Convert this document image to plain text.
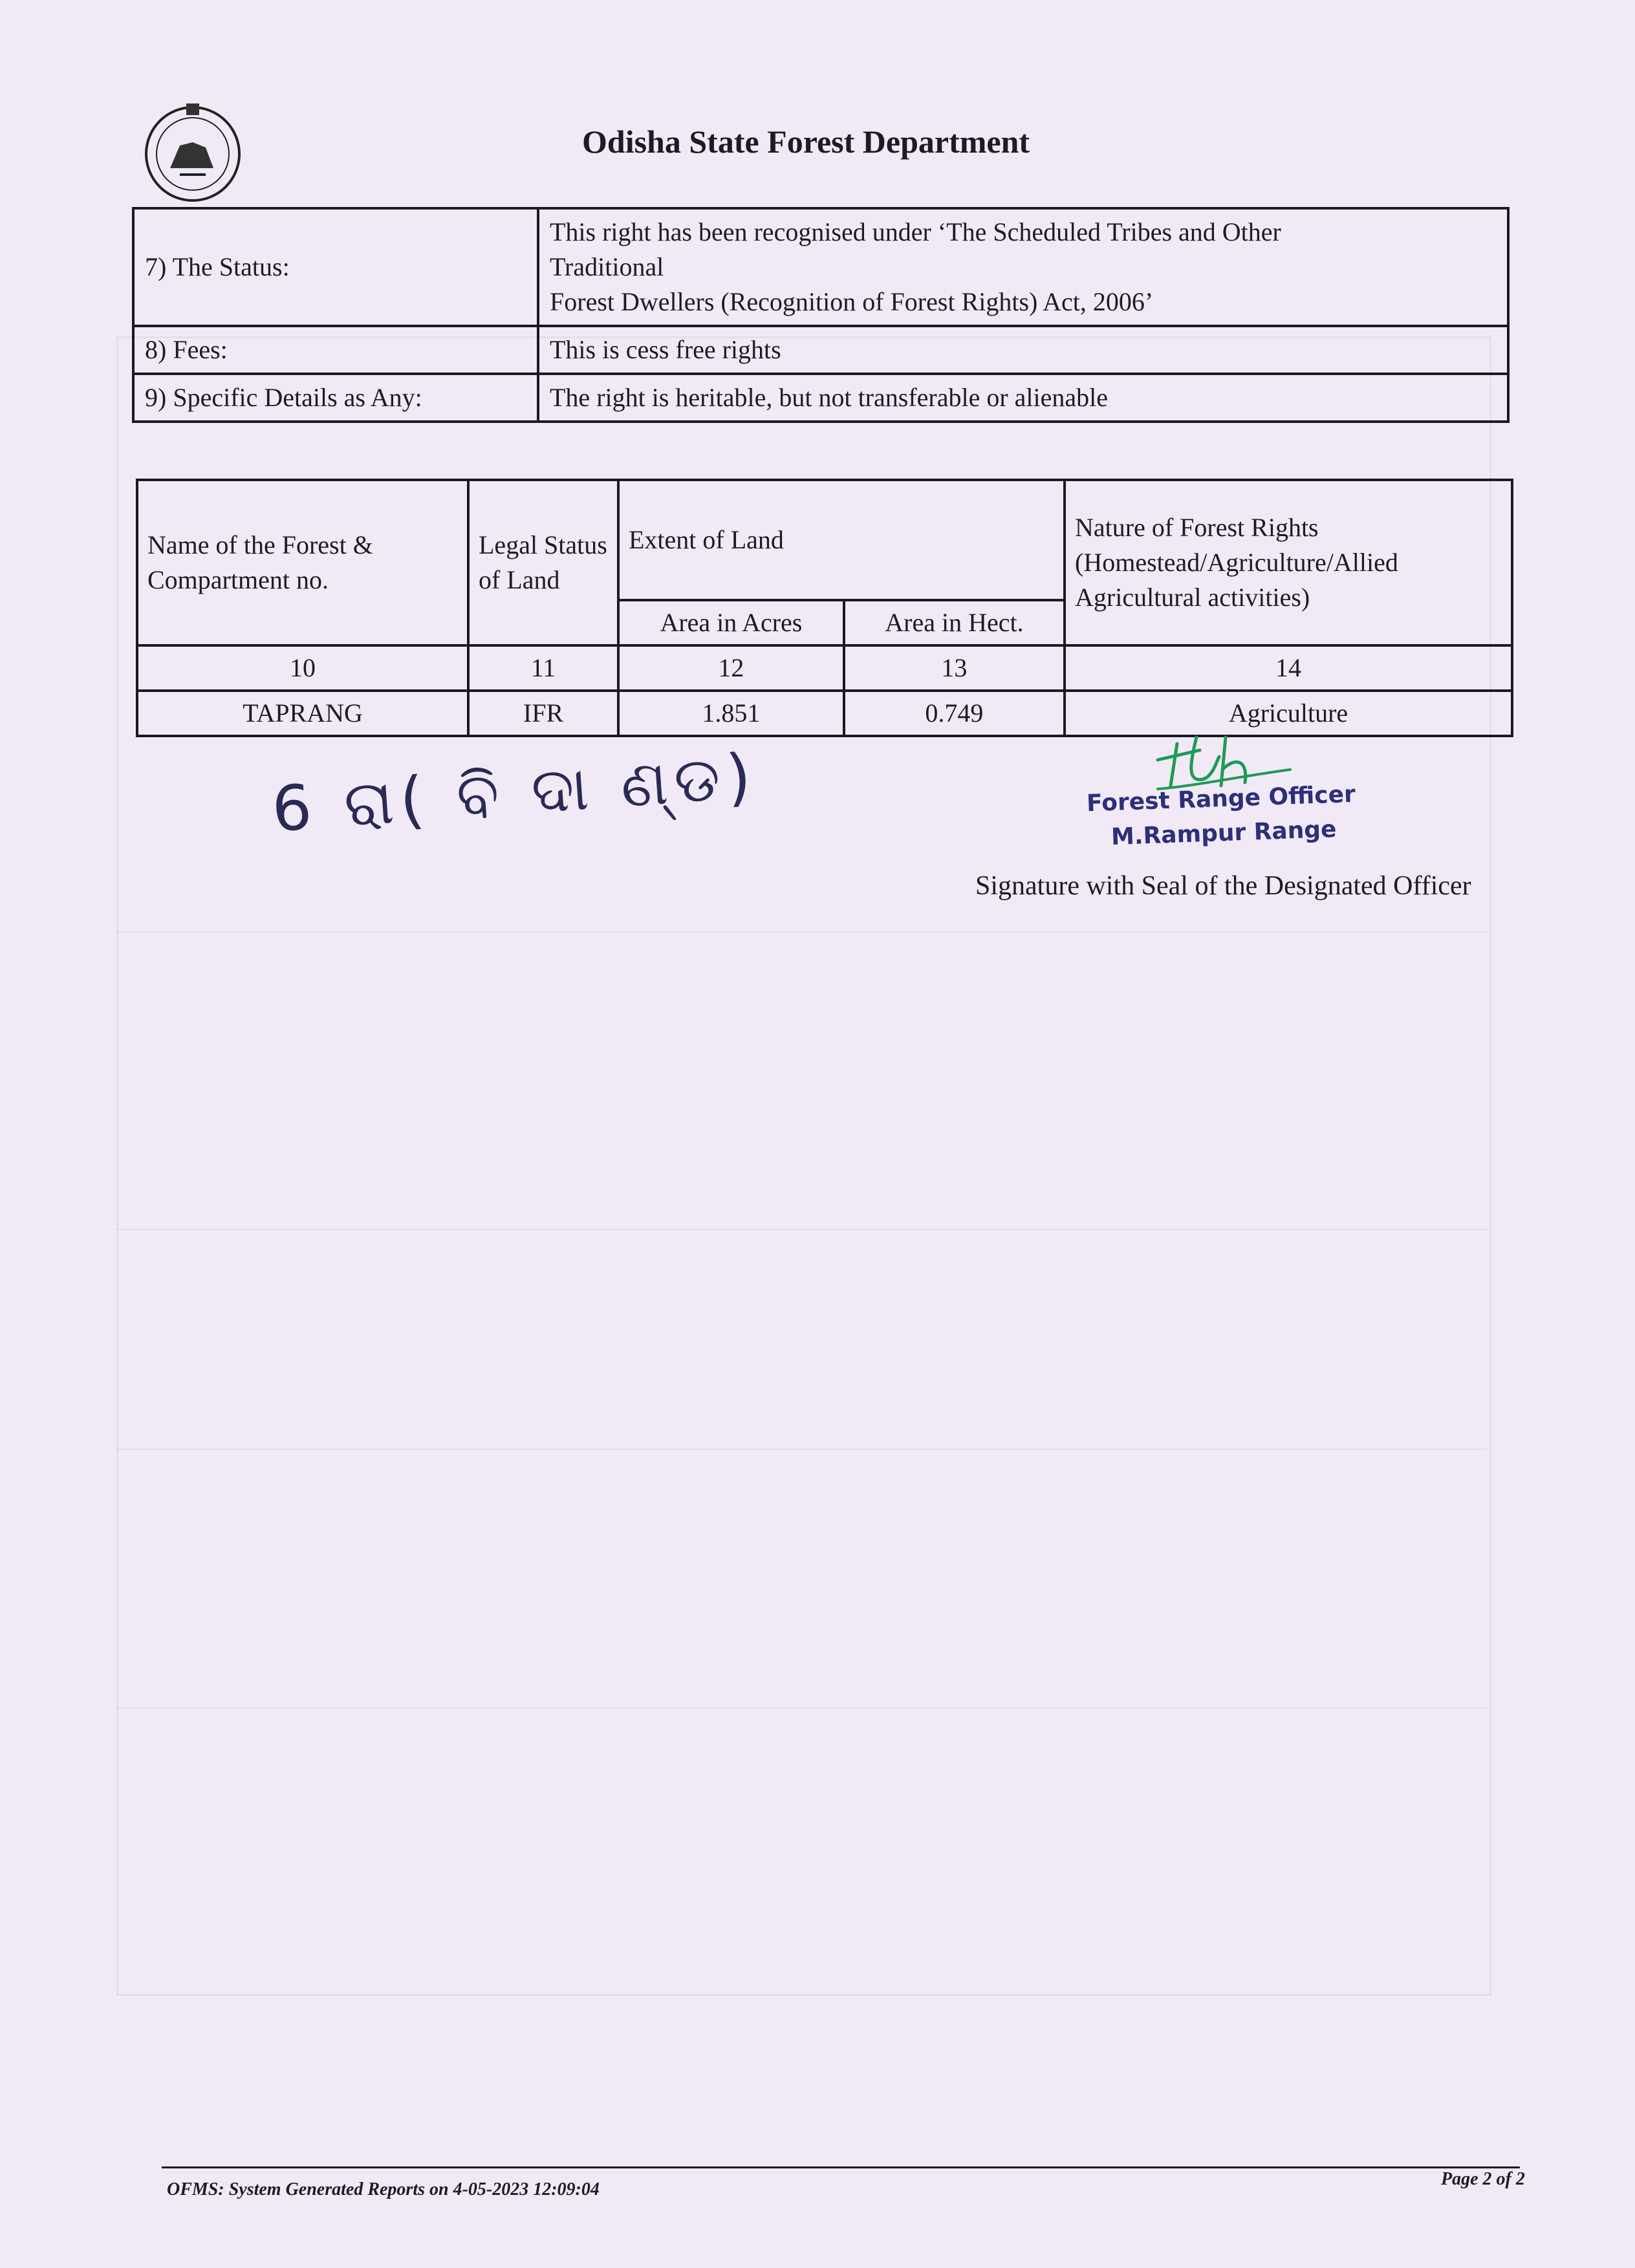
Odisha State Forest Department
7) The Status:	This right has been recognised under ‘The Scheduled Tribes and Other
Traditional
Forest Dwellers (Recognition of Forest Rights) Act, 2006’

8) Fees:	This is cess free rights
9) Specific Details as Any:	The right is heritable, but not transferable or alienable
Name of the Forest & Compartment no.	Legal Status of Land	Extent of Land		Nature of Forest Rights (Homestead/Agriculture/Allied Agricultural activities)
		Area in Acres	Area in Hect.	
10	11	12	13	14
TAPRANG	IFR	1.851	0.749	Agriculture
6 ରା( ବି ଦା ଣ୍ଡ)	Forest Range Officer
M.Rampur Range
Signature with Seal of the Designated Officer
OFMS: System Generated Reports on 4-05-2023 12:09:04
Page 2 of 2
